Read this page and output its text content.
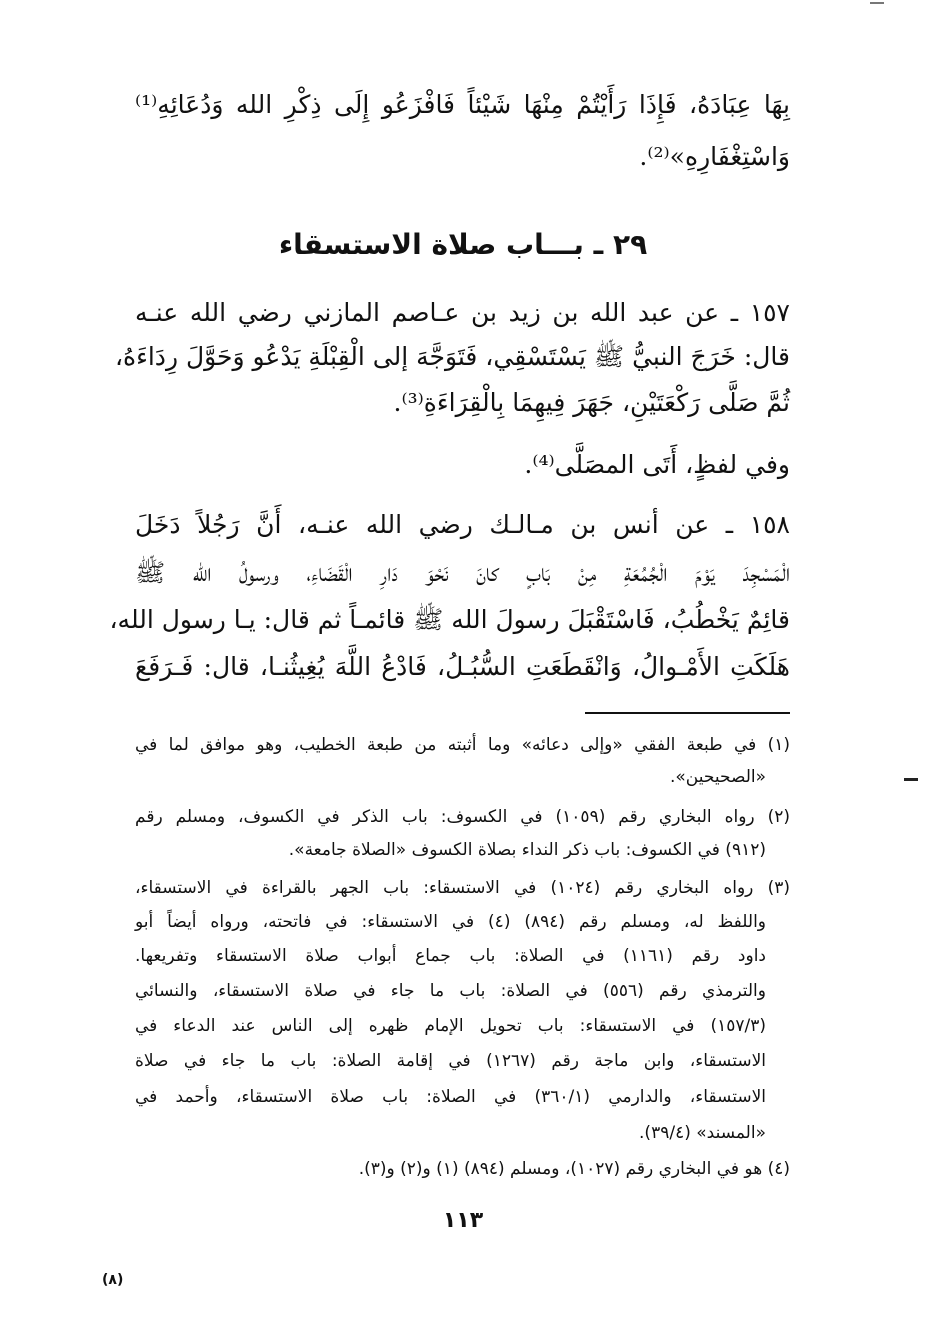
بِهَا عِبَادَهُ، فَإِذَا رَأَيْتُمْ مِنْهَا شَيْئاً فَافْزَعُو إِلَى ذِكْرِ الله وَدُعَائِهِ⁽¹⁾
وَاسْتِغْفَارِهِ»⁽²⁾.
٢٩ ـ بـــاب صلاة الاستسقاء
١٥٧ ـ عن عبد الله بن زيد بن عـاصم المازني رضي الله عنـه
قال: خَرَجَ النبيُّ ﷺ يَسْتَسْقِي، فَتَوَجَّهَ إلى الْقِبْلَةِ يَدْعُو وَحَوَّلَ رِدَاءَهُ،
ثُمَّ صَلَّى رَكْعَتَيْنِ، جَهَرَ فِيهِمَا بِالْقِرَاءَةِ⁽³⁾.
وفي لفظٍ، أَتَى المصَلَّى⁽⁴⁾.
١٥٨ ـ عن أنس بن مـالـك رضي الله عنـه، أَنَّ رَجُلاً دَخَلَ
الْمَسْجِدَ يَوْمَ الْجُمُعَةِ مِنْ بَابٍ كانَ نَحْوَ دَارِ الْقَضَاءِ، ورسولُ الله ﷺ
قائِمٌ يَخْطُبُ، فَاسْتَقْبَلَ رسولَ الله ﷺ قائمـاً ثم قال: يـا رسول الله،
هَلَكَتِ الأَمْـوالُ، وَانْقَطَعَتِ السُّبُـلُ، فَادْعُ اللَّهَ يُغِيثُنـا، قال: فَـرَفَعَ
(١) في طبعة الفقي «وإلى دعائه» وما أثبته من طبعة الخطيب، وهو موافق لما في
«الصحيحين».
(٢) رواه البخاري رقم (١٠٥٩) في الكسوف: باب الذكر في الكسوف، ومسلم رقم
(٩١٢) في الكسوف: باب ذكر النداء بصلاة الكسوف «الصلاة جامعة».
(٣) رواه البخاري رقم (١٠٢٤) في الاستسقاء: باب الجهر بالقراءة في الاستسقاء،
واللفظ له، ومسلم رقم (٨٩٤) (٤) في الاستسقاء: في فاتحته، ورواه أيضاً أبو
داود رقم (١١٦١) في الصلاة: باب جماع أبواب صلاة الاستسقاء وتفريعها.
والترمذي رقم (٥٥٦) في الصلاة: باب ما جاء في صلاة الاستسقاء، والنسائي
(١٥٧/٣) في الاستسقاء: باب تحويل الإمام ظهره إلى الناس عند الدعاء في
الاستسقاء، وابن ماجة رقم (١٢٦٧) في إقامة الصلاة: باب ما جاء في صلاة
الاستسقاء، والدارمي (٣٦٠/١) في الصلاة: باب صلاة الاستسقاء، وأحمد في
«المسند» (٣٩/٤).
(٤) هو في البخاري رقم (١٠٢٧)، ومسلم (٨٩٤) (١) و(٢) و(٣).
١١٣
(٨)
